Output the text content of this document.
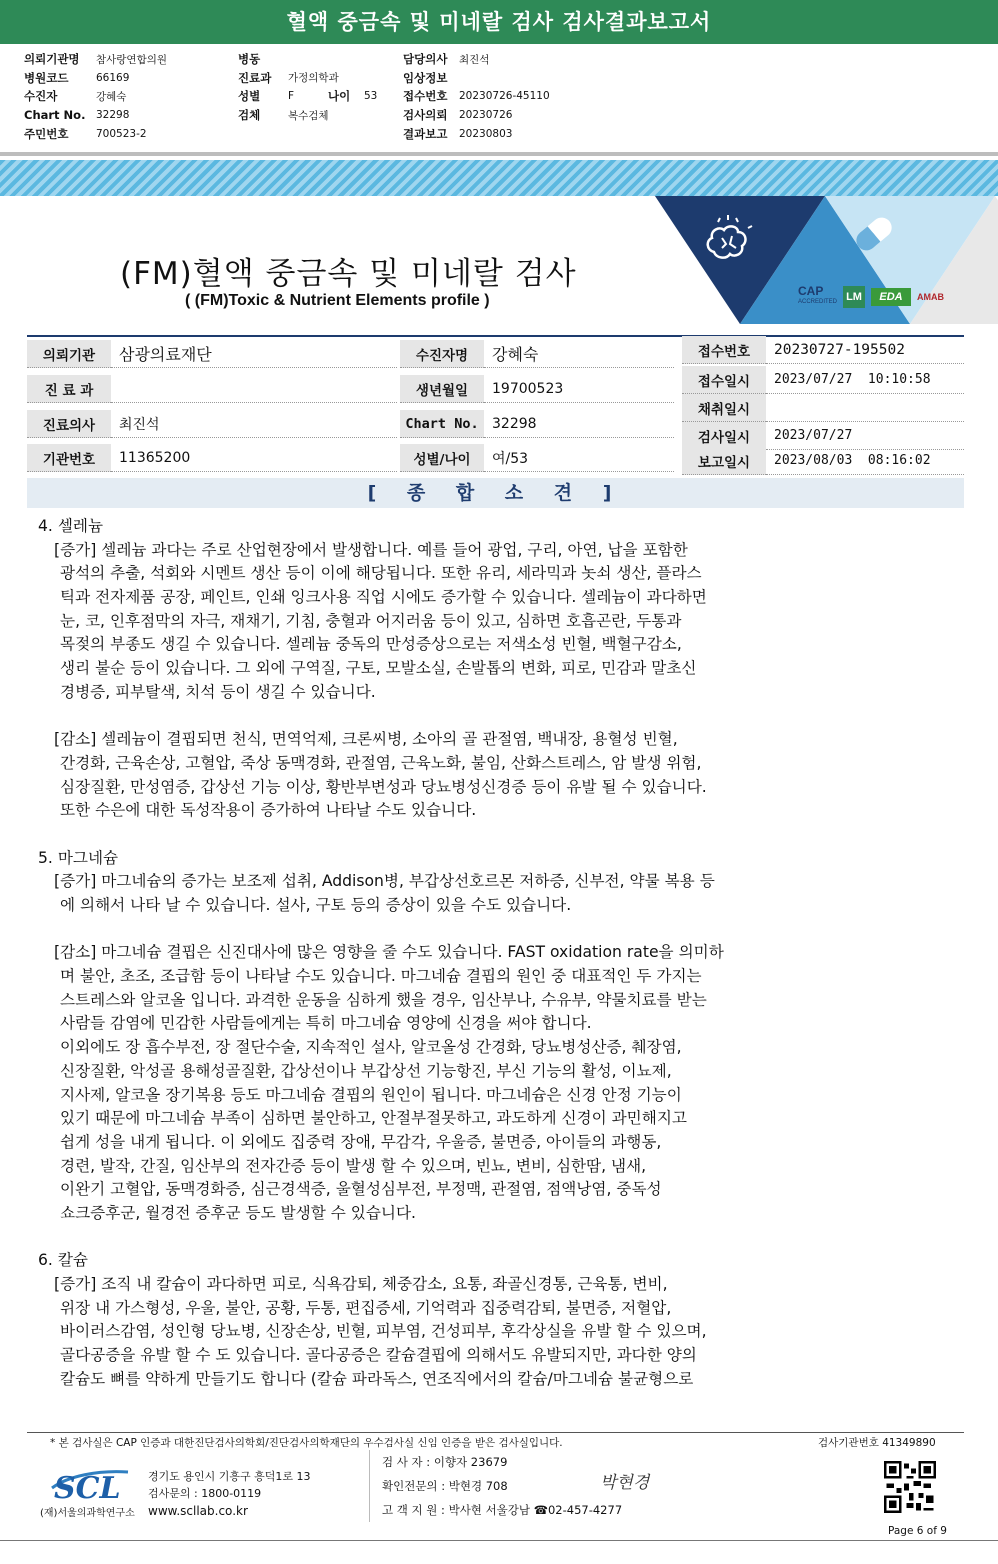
혈액 중금속 및 미네랄 검사 검사결과보고서
의뢰기관명	참사랑연합의원
병원코드	66169
수진자	강혜숙
Chart No.	32298
주민번호	700523-2
병동
진료과	가정의학과
성별	F	나이	53
검체	복수검체
담당의사	최진석
임상정보
접수번호	20230726-45110
검사의뢰	20230726
결과보고	20230803
(FM)혈액 중금속 및 미네랄 검사
( (FM)Toxic & Nutrient Elements profile )
CAP
ACCREDITED LM	EDA	AMAB
의뢰기관	삼광의료재단
진 료 과
진료의사	최진석
기관번호	11365200
수진자명	강혜숙
생년월일	19700523
Chart No. 32298
성별/나이	여/53
접수번호	20230727-195502
접수일시	2023/07/27  10:10:58
채취일시
검사일시	2023/07/27
보고일시	2023/08/03  08:16:02
[ 종 합 소 견 ]
4. 셀레늄
[증가] 셀레늄 과다는 주로 산업현장에서 발생합니다. 예를 들어 광업, 구리, 아연, 납을 포함한
광석의 추출, 석회와 시멘트 생산 등이 이에 해당됩니다. 또한 유리, 세라믹과 놋쇠 생산, 플라스
틱과 전자제품 공장, 페인트, 인쇄 잉크사용 직업 시에도 증가할 수 있습니다. 셀레늄이 과다하면
눈, 코, 인후점막의 자극, 재채기, 기침, 충혈과 어지러움 등이 있고, 심하면 호흡곤란, 두통과
목젖의 부종도 생길 수 있습니다. 셀레늄 중독의 만성증상으로는 저색소성 빈혈, 백혈구감소,
생리 불순 등이 있습니다. 그 외에 구역질, 구토, 모발소실, 손발톱의 변화, 피로, 민감과 말초신
경병증, 피부탈색, 치석 등이 생길 수 있습니다.
[감소] 셀레늄이 결핍되면 천식, 면역억제, 크론씨병, 소아의 골 관절염, 백내장, 용혈성 빈혈,
간경화, 근육손상, 고혈압, 죽상 동맥경화, 관절염, 근육노화, 불임, 산화스트레스, 암 발생 위험,
심장질환, 만성염증, 갑상선 기능 이상, 황반부변성과 당뇨병성신경증 등이 유발 될 수 있습니다.
또한 수은에 대한 독성작용이 증가하여 나타날 수도 있습니다.
5. 마그네슘
[증가] 마그네슘의 증가는 보조제 섭취, Addison병, 부갑상선호르몬 저하증, 신부전, 약물 복용 등
에 의해서 나타 날 수 있습니다. 설사, 구토 등의 증상이 있을 수도 있습니다.
[감소] 마그네슘 결핍은 신진대사에 많은 영향을 줄 수도 있습니다. FAST oxidation rate을 의미하
며 불안, 초조, 조급함 등이 나타날 수도 있습니다. 마그네슘 결핍의 원인 중 대표적인 두 가지는
스트레스와 알코올 입니다. 과격한 운동을 심하게 했을 경우, 임산부나, 수유부, 약물치료를 받는
사람들 감염에 민감한 사람들에게는 특히 마그네슘 영양에 신경을 써야 합니다.
이외에도 장 흡수부전, 장 절단수술, 지속적인 설사, 알코올성 간경화, 당뇨병성산증, 췌장염,
신장질환, 악성골 용해성골질환, 갑상선이나 부갑상선 기능항진, 부신 기능의 활성, 이뇨제,
지사제, 알코올 장기복용 등도 마그네슘 결핍의 원인이 됩니다. 마그네슘은 신경 안정 기능이
있기 때문에 마그네슘 부족이 심하면 불안하고, 안절부절못하고, 과도하게 신경이 과민해지고
쉽게 성을 내게 됩니다. 이 외에도 집중력 장애, 무감각, 우울증, 불면증, 아이들의 과행동,
경련, 발작, 간질, 임산부의 전자간증 등이 발생 할 수 있으며, 빈뇨, 변비, 심한땀, 냄새,
이완기 고혈압, 동맥경화증, 심근경색증, 울혈성심부전, 부정맥, 관절염, 점액낭염, 중독성
쇼크증후군, 월경전 증후군 등도 발생할 수 있습니다.
6. 칼슘
[증가] 조직 내 칼슘이 과다하면 피로, 식욕감퇴, 체중감소, 요통, 좌골신경통, 근육통, 변비,
위장 내 가스형성, 우울, 불안, 공황, 두통, 편집증세, 기억력과 집중력감퇴, 불면증, 저혈압,
바이러스감염, 성인형 당뇨병, 신장손상, 빈혈, 피부염, 건성피부, 후각상실을 유발 할 수 있으며,
골다공증을 유발 할 수 도 있습니다. 골다공증은 칼슘결핍에 의해서도 유발되지만, 과다한 양의
칼슘도 뼈를 약하게 만들기도 합니다 (칼슘 파라독스, 연조직에서의 칼슘/마그네슘 불균형으로
* 본 검사실은 CAP 인증과 대한진단검사의학회/진단검사의학재단의 우수검사실 신임 인증을 받은 검사실입니다.	검사기관번호 41349890
SCL
(재)서울의과학연구소
경기도 용인시 기흥구 흥덕1로 13
검사문의 : 1800-0119
www.scllab.co.kr
검 사 자 : 이향자 23679
확인전문의 : 박현경 708
고 객 지 원 : 박사현 서울강남 ☎02-457-4277
박현경
Page 6 of 9
